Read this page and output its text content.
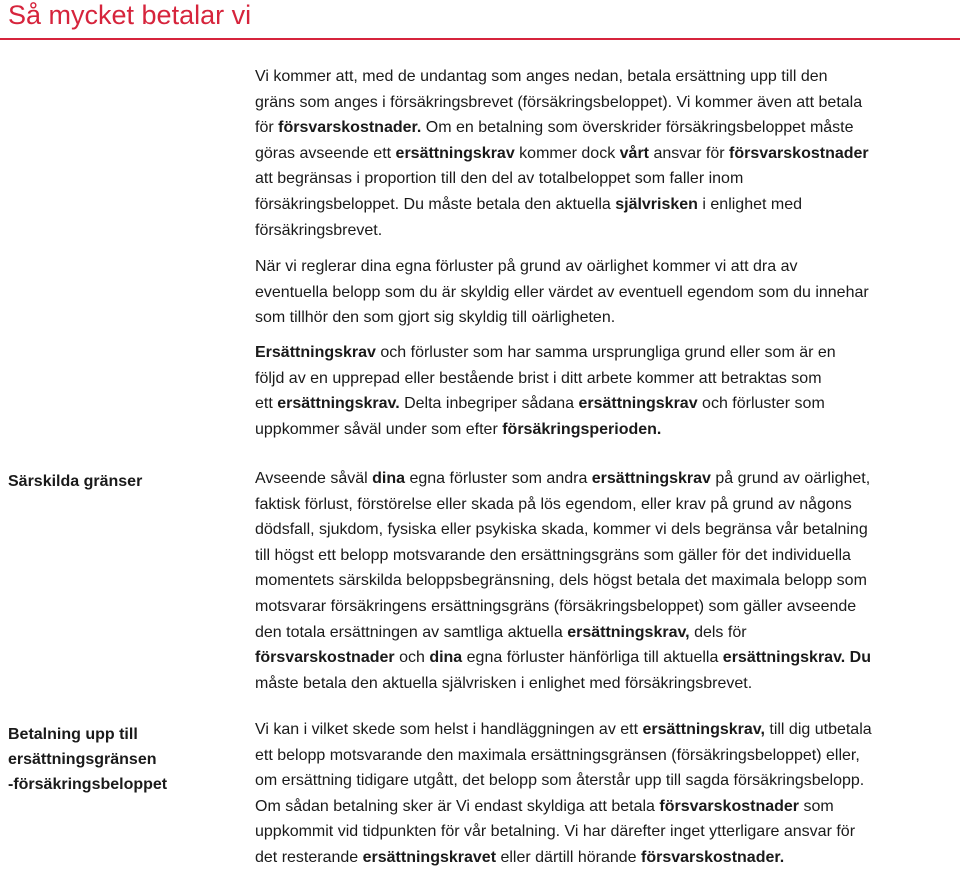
Så mycket betalar vi
Särskilda gränser
Betalning upp till
ersättningsgränsen
-försäkringsbeloppet
Vi kommer att, med de undantag som anges nedan, betala ersättning upp till den
gräns som anges i försäkringsbrevet (försäkringsbeloppet). Vi kommer även att betala
för försvarskostnader. Om en betalning som överskrider försäkringsbeloppet måste
göras avseende ett ersättningskrav kommer dock vårt ansvar för försvarskostnader
att begränsas i proportion till den del av totalbeloppet som faller inom
försäkringsbeloppet. Du måste betala den aktuella självrisken i enlighet med
försäkringsbrevet.
När vi reglerar dina egna förluster på grund av oärlighet kommer vi att dra av
eventuella belopp som du är skyldig eller värdet av eventuell egendom som du innehar
som tillhör den som gjort sig skyldig till oärligheten.
Ersättningskrav och förluster som har samma ursprungliga grund eller som är en
följd av en upprepad eller bestående brist i ditt arbete kommer att betraktas som
ett ersättningskrav. Delta inbegriper sådana ersättningskrav och förluster som
uppkommer såväl under som efter försäkringsperioden.
Avseende såväl dina egna förluster som andra ersättningskrav på grund av oärlighet,
faktisk förlust, förstörelse eller skada på lös egendom, eller krav på grund av någons
dödsfall, sjukdom, fysiska eller psykiska skada, kommer vi dels begränsa vår betalning
till högst ett belopp motsvarande den ersättningsgräns som gäller för det individuella
momentets särskilda beloppsbegränsning, dels högst betala det maximala belopp som
motsvarar försäkringens ersättningsgräns (försäkringsbeloppet) som gäller avseende
den totala ersättningen av samtliga aktuella ersättningskrav, dels för
försvarskostnader och dina egna förluster hänförliga till aktuella ersättningskrav. Du
måste betala den aktuella självrisken i enlighet med försäkringsbrevet.
Vi kan i vilket skede som helst i handläggningen av ett ersättningskrav, till dig utbetala
ett belopp motsvarande den maximala ersättningsgränsen (försäkringsbeloppet) eller,
om ersättning tidigare utgått, det belopp som återstår upp till sagda försäkringsbelopp.
Om sådan betalning sker är Vi endast skyldiga att betala försvarskostnader som
uppkommit vid tidpunkten för vår betalning. Vi har därefter inget ytterligare ansvar för
det resterande ersättningskravet eller därtill hörande försvarskostnader.
